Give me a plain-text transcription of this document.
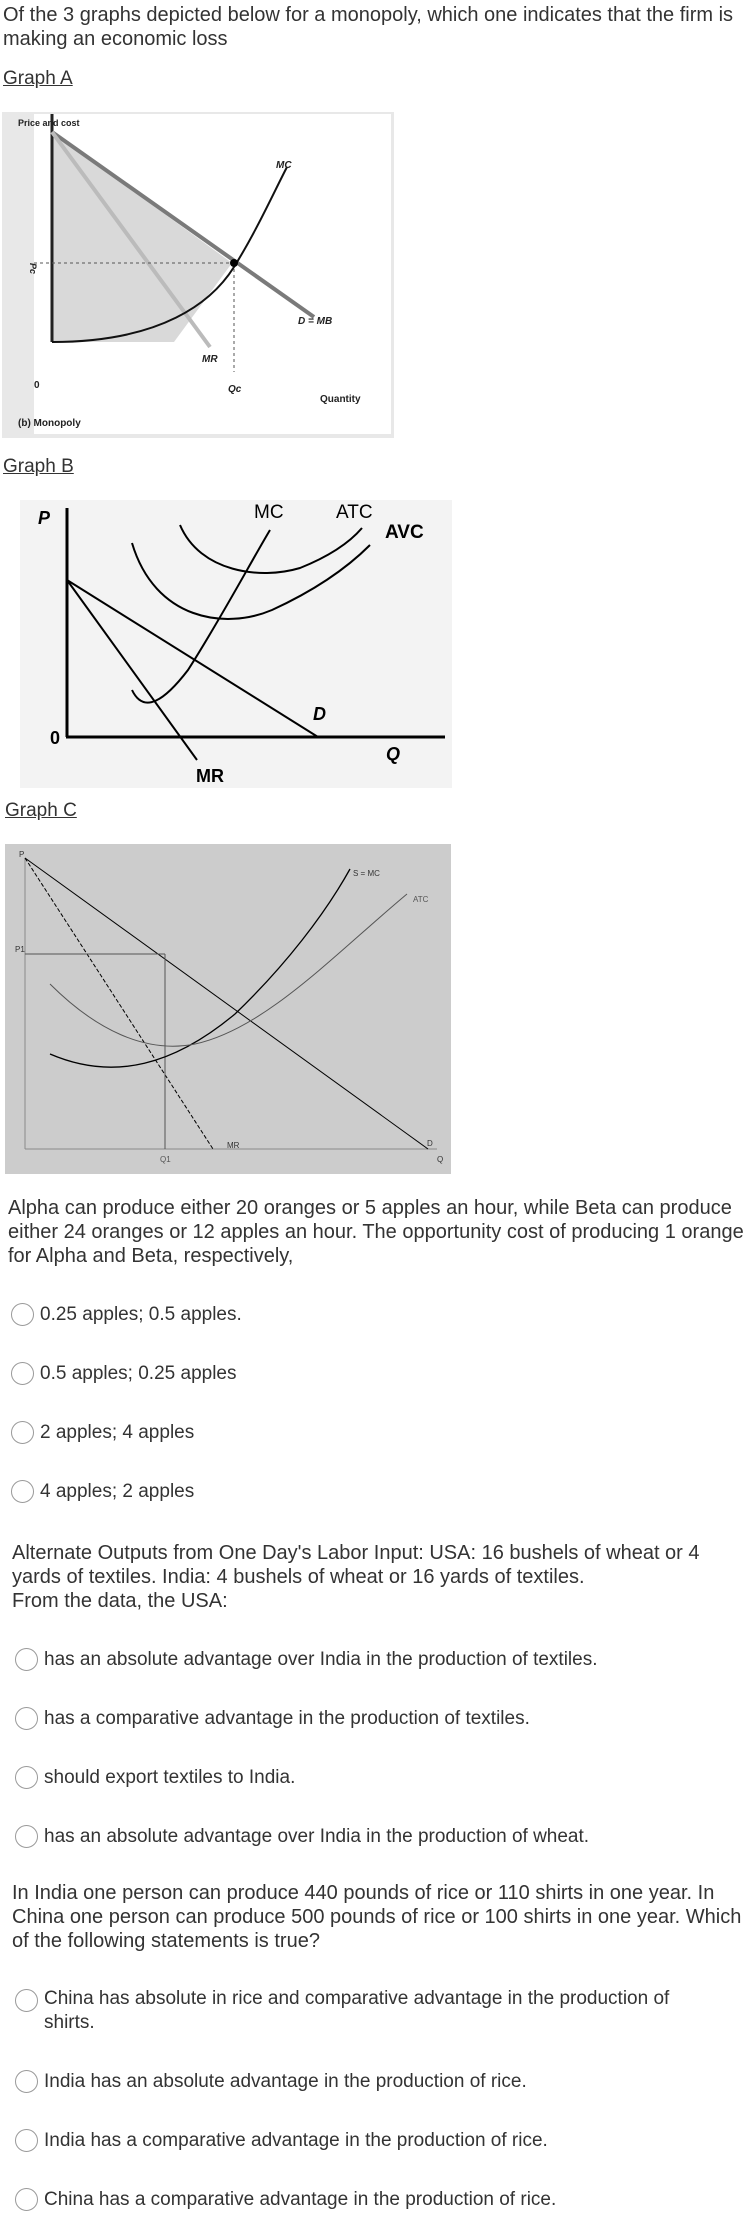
Of the 3 graphs depicted below for a monopoly, which one indicates that the firm is making an economic loss
Graph A
Price and cost
MC
D = MB
MR
Pc
Qc
0
Quantity
(b) Monopoly
Graph B
P
0
MC	ATC
AVC
D
Q
MR
Graph C
P
P1
S = MC
ATC
D
MR
Q1	Q
Alpha can produce either 20 oranges or 5 apples an hour, while Beta can produce either 24 oranges or 12 apples an hour. The opportunity cost of producing 1 orange for Alpha and Beta, respectively,
0.25 apples; 0.5 apples.
0.5 apples; 0.25 apples
2 apples; 4 apples
4 apples; 2 apples
Alternate Outputs from One Day's Labor Input: USA: 16 bushels of wheat or 4 yards of textiles. India: 4 bushels of wheat or 16 yards of textiles.
From the data, the USA:
has an absolute advantage over India in the production of textiles.
has a comparative advantage in the production of textiles.
should export textiles to India.
has an absolute advantage over India in the production of wheat.
In India one person can produce 440 pounds of rice or 110 shirts in one year. In China one person can produce 500 pounds of rice or 100 shirts in one year. Which of the following statements is true?
China has absolute in rice and comparative advantage in the production of shirts.
India has an absolute advantage in the production of rice.
India has a comparative advantage in the production of rice.
China has a comparative advantage in the production of rice.
